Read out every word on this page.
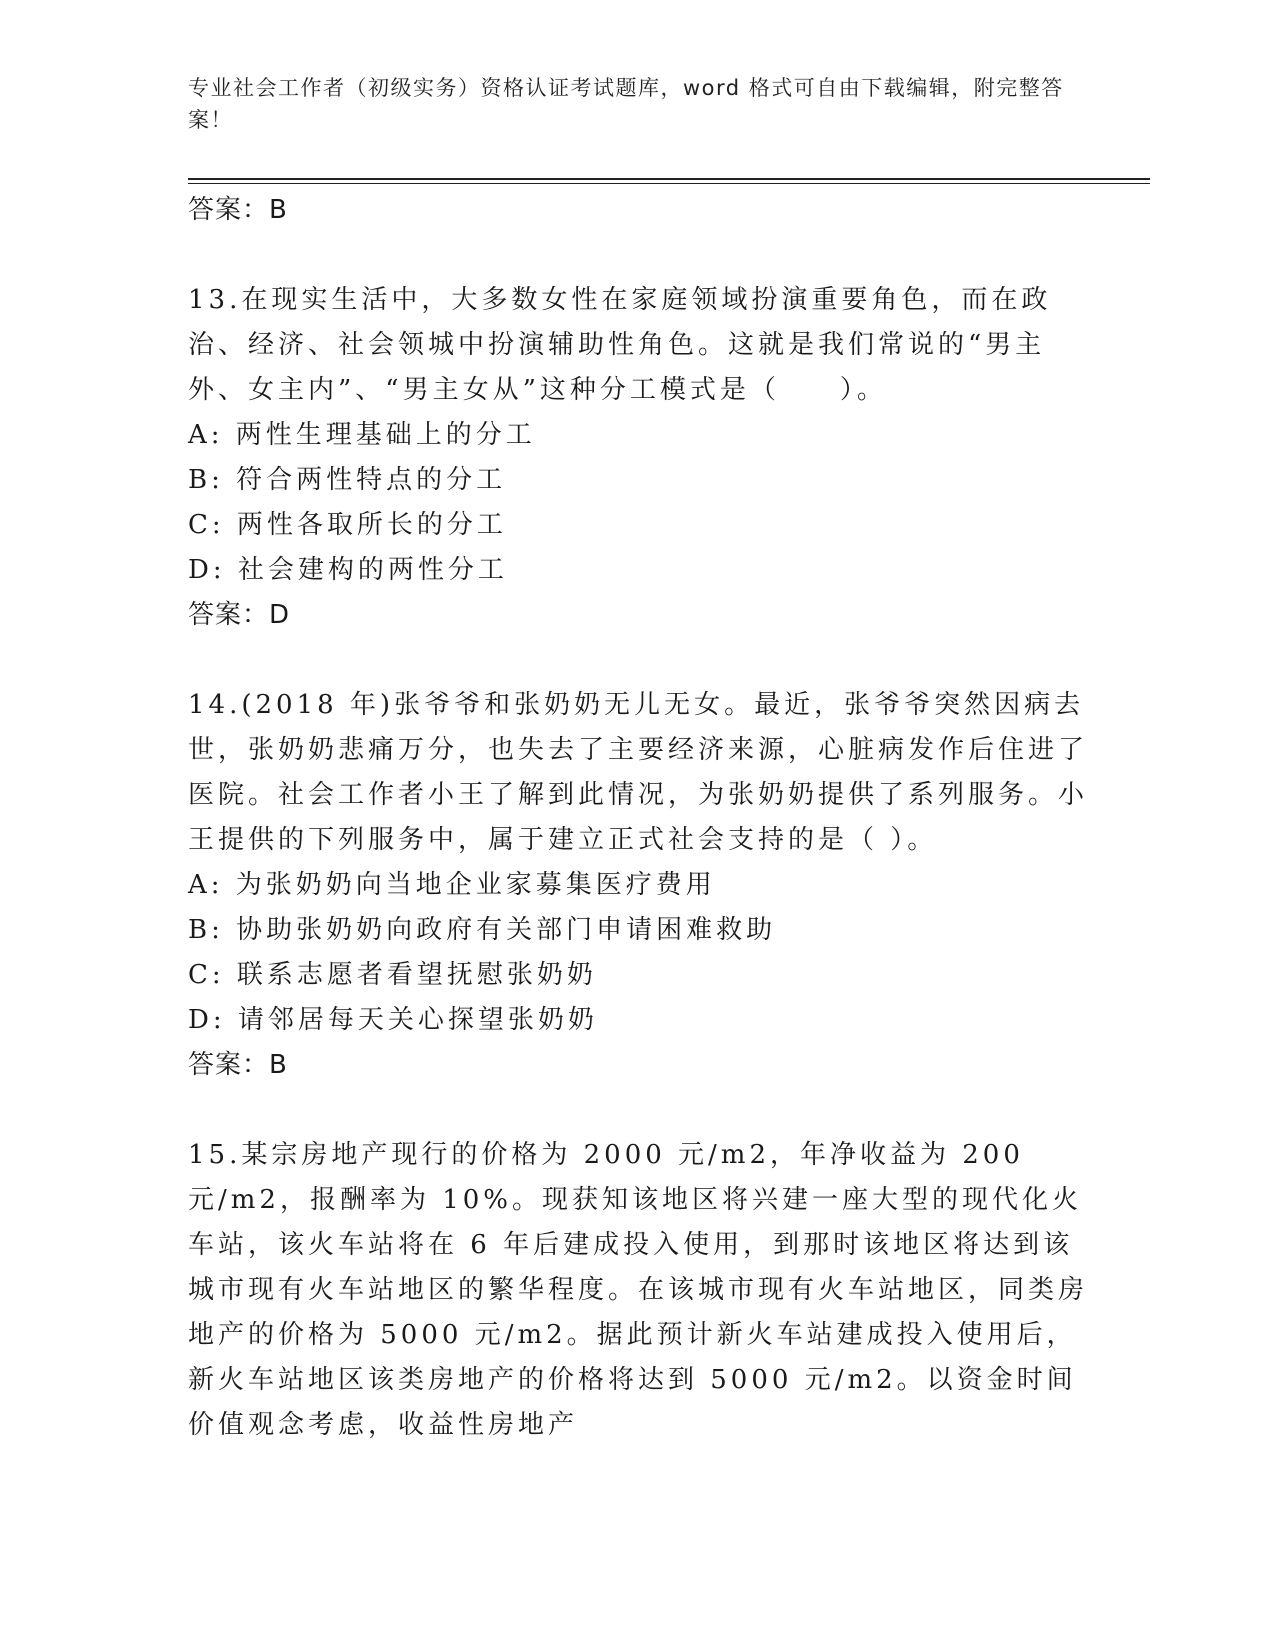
专业社会工作者（初级实务）资格认证考试题库，word 格式可自由下载编辑，附完整答案！

答案：B

13.在现实生活中，大多数女性在家庭领域扮演重要角色，而在政治、经济、社会领城中扮演辅助性角色。这就是我们常说的“男主外、女主内”、“男主女从”这种分工模式是（　　）。

A: 两性生理基础上的分工

B: 符合两性特点的分工

C: 两性各取所长的分工

D: 社会建构的两性分工

答案：D

14.(2018 年)张爷爷和张奶奶无儿无女。最近，张爷爷突然因病去世，张奶奶悲痛万分，也失去了主要经济来源，心脏病发作后住进了医院。社会工作者小王了解到此情况，为张奶奶提供了系列服务。小王提供的下列服务中，属于建立正式社会支持的是（ ）。

A: 为张奶奶向当地企业家募集医疗费用

B: 协助张奶奶向政府有关部门申请困难救助

C: 联系志愿者看望抚慰张奶奶

D: 请邻居每天关心探望张奶奶

答案：B

15.某宗房地产现行的价格为 2000 元/m2，年净收益为 200 元/m2，报酬率为 10%。现获知该地区将兴建一座大型的现代化火车站，该火车站将在 6 年后建成投入使用，到那时该地区将达到该城市现有火车站地区的繁华程度。在该城市现有火车站地区，同类房地产的价格为 5000 元/m2。据此预计新火车站建成投入使用后，新火车站地区该类房地产的价格将达到 5000 元/m2。以资金时间价值观念考虑，收益性房地产
